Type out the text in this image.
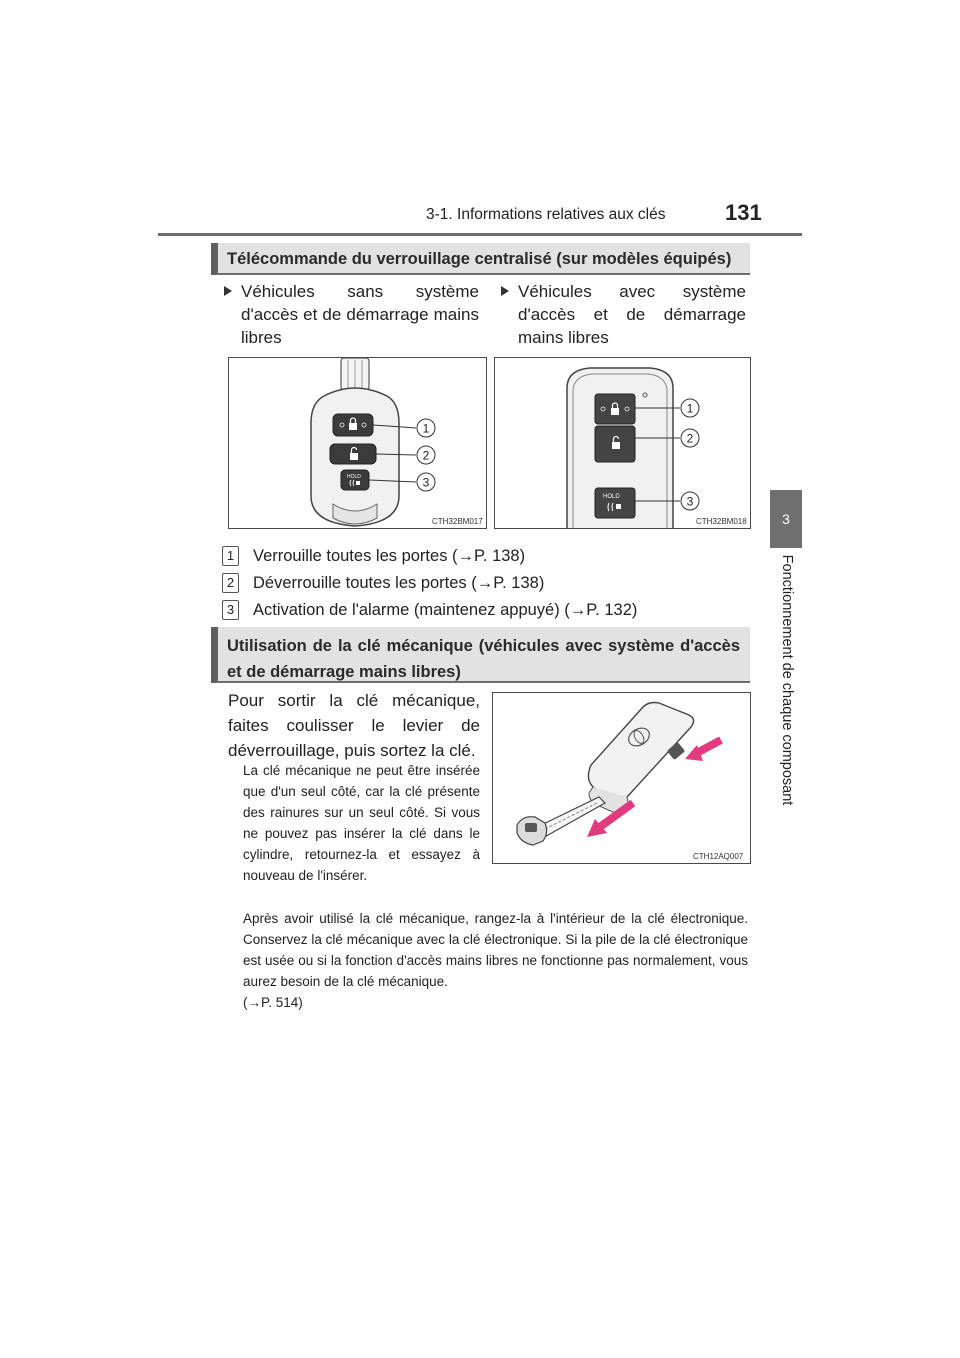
3-1. Informations relatives aux clés	131
3
Fonctionnement de chaque composant
Télécommande du verrouillage centralisé (sur modèles équipés)
Véhicules sans système d'accès et de démarrage mains libres
Véhicules avec système d'accès et de démarrage mains libres
HOLD
1
2
3
CTH32BM017
HOLD
1
2
3
CTH32BM018
1 Verrouille toutes les portes (→P. 138)
2 Déverrouille toutes les portes (→P. 138)
3 Activation de l'alarme (maintenez appuyé) (→P. 132)
Utilisation de la clé mécanique (véhicules avec système d'accès et de démarrage mains libres)
Pour sortir la clé mécanique, faites coulisser le levier de déverrouillage, puis sortez la clé.
La clé mécanique ne peut être insérée que d'un seul côté, car la clé présente des rainures sur un seul côté. Si vous ne pouvez pas insérer la clé dans le cylindre, retournez-la et essayez à nouveau de l'insérer.
CTH12AQ007
Après avoir utilisé la clé mécanique, rangez-la à l'intérieur de la clé électronique. Conservez la clé mécanique avec la clé électronique. Si la pile de la clé électronique est usée ou si la fonction d'accès mains libres ne fonctionne pas normalement, vous aurez besoin de la clé mécanique.
(→P. 514)
